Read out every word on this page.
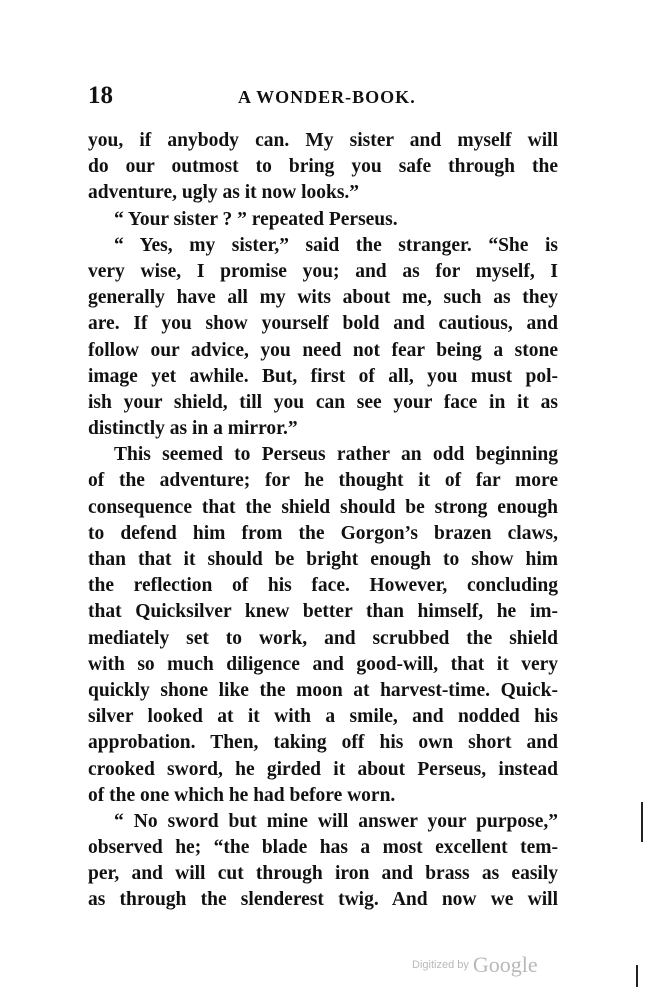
18	A WONDER-BOOK.
you, if anybody can. My sister and myself will
do our outmost to bring you safe through the
adventure, ugly as it now looks.”
“ Your sister ? ” repeated Perseus.
“ Yes, my sister,” said the stranger. “She is
very wise, I promise you; and as for myself, I
generally have all my wits about me, such as they
are. If you show yourself bold and cautious, and
follow our advice, you need not fear being a stone
image yet awhile. But, first of all, you must pol-
ish your shield, till you can see your face in it as
distinctly as in a mirror.”
This seemed to Perseus rather an odd beginning
of the adventure; for he thought it of far more
consequence that the shield should be strong enough
to defend him from the Gorgon’s brazen claws,
than that it should be bright enough to show him
the reflection of his face. However, concluding
that Quicksilver knew better than himself, he im-
mediately set to work, and scrubbed the shield
with so much diligence and good-will, that it very
quickly shone like the moon at harvest-time. Quick-
silver looked at it with a smile, and nodded his
approbation. Then, taking off his own short and
crooked sword, he girded it about Perseus, instead
of the one which he had before worn.
“ No sword but mine will answer your purpose,”
observed he; “the blade has a most excellent tem-
per, and will cut through iron and brass as easily
as through the slenderest twig. And now we will
Digitized by Google
